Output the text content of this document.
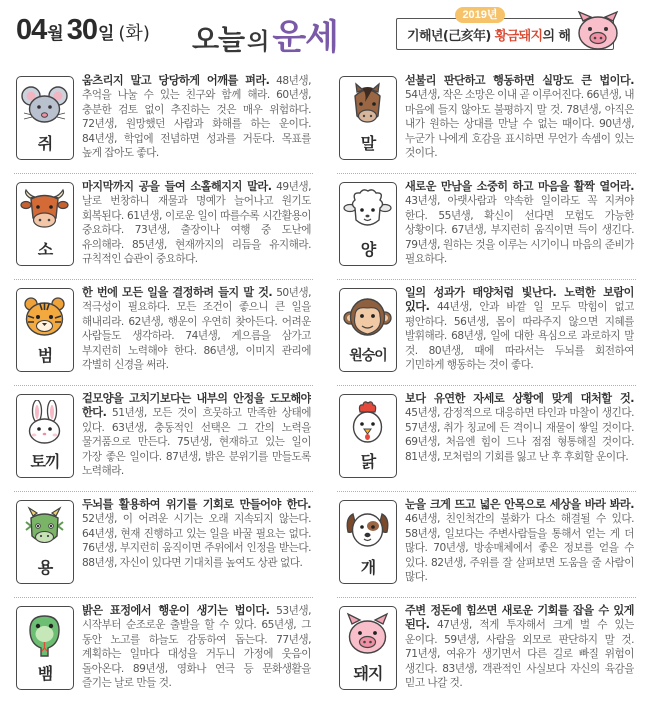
04 월 30 일 (화) 오늘 의 운세	기해년(己亥年) 황금돼지의 해
2019년
쥐
움츠리지 말고 당당하게 어깨를 펴라. 48년생, 추억을 나눌 수 있는 친구와 함께 해라. 60년생, 충분한 검토 없이 추진하는 것은 매우 위험하다. 72년생, 원망했던 사람과 화해를 하는 운이다. 84년생, 학업에 전념하면 성과를 거둔다. 목표를 높게 잡아도 좋다.
말
섣불리 판단하고 행동하면 실망도 큰 법이다. 54년생, 작은 소망은 이내 곧 이루어진다. 66년생, 내 마음에 들지 않아도 불평하지 말 것. 78년생, 아직은 내가 원하는 상대를 만날 수 없는 때이다. 90년생, 누군가 나에게 호감을 표시하면 무언가 속셈이 있는 것이다.
소
마지막까지 공을 들여 소홀해지지 말라. 49년생, 날로 번창하니 재물과 명예가 늘어나고 원기도 회복된다. 61년생, 이로운 일이 따를수록 시간활용이 중요하다. 73년생, 출장이나 여행 중 도난에 유의해라. 85년생, 현재까지의 리듬을 유지해라. 규칙적인 습관이 중요하다.
양
새로운 만남을 소중히 하고 마음을 활짝 열어라. 43년생, 아랫사람과 약속한 일이라도 꼭 지켜야 한다. 55년생, 확신이 선다면 모험도 가능한 상황이다. 67년생, 부지런히 움직이면 득이 생긴다. 79년생, 원하는 것을 이루는 시기이니 마음의 준비가 필요하다.
범
한 번에 모든 일을 결정하려 들지 말 것. 50년생, 적극성이 필요하다. 모든 조건이 좋으니 큰 일을 해내리라. 62년생, 행운이 우연히 찾아든다. 어려운 사람들도 생각하라. 74년생, 게으름을 삼가고 부지런히 노력해야 한다. 86년생, 이미지 관리에 각별히 신경을 써라.
원숭이
일의 성과가 태양처럼 빛난다. 노력한 보람이 있다. 44년생, 안과 바깥 일 모두 막힘이 없고 평안하다. 56년생, 몸이 따라주지 않으면 지혜를 발휘해라. 68년생, 일에 대한 욕심으로 과로하지 말 것. 80년생, 때에 따라서는 두뇌를 회전하여 기민하게 행동하는 것이 좋다.
토끼
겉모양을 고치기보다는 내부의 안정을 도모해야 한다. 51년생, 모든 것이 흐뭇하고 만족한 상태에 있다. 63년생, 충동적인 선택은 그 간의 노력을 물거품으로 만든다. 75년생, 현재하고 있는 일이 가장 좋은 일이다. 87년생, 밝은 분위기를 만들도록 노력해라.
닭
보다 유연한 자세로 상황에 맞게 대처할 것. 45년생, 감정적으로 대응하면 타인과 마찰이 생긴다. 57년생, 취가 칭교에 든 격이니 재물이 쌓일 것이다. 69년생, 처음엔 힘이 드나 점점 형통해질 것이다. 81년생, 모처럼의 기회를 잃고 난 후 후회할 운이다.
용
두뇌를 활용하여 위기를 기회로 만들어야 한다. 52년생, 이 어려운 시기는 오래 지속되지 않는다. 64년생, 현재 진행하고 있는 일을 바꿀 필요는 없다. 76년생, 부지런히 움직이면 주위에서 인정을 받는다. 88년생, 자신이 있다면 기대치를 높여도 상관 없다.	개
눈을 크게 뜨고 넓은 안목으로 세상을 바라 봐라. 46년생, 친인척간의 불화가 다소 해결될 수 있다. 58년생, 일보다는 주변사람들을 통해서 얻는 게 더 많다. 70년생, 방송매체에서 좋은 정보를 얻을 수 있다. 82년생, 주위를 잘 살펴보면 도움을 줄 사람이 많다.
뱀
밝은 표정에서 행운이 생기는 법이다. 53년생, 시작부터 순조로운 출발을 할 수 있다. 65년생, 그 동안 노고를 하늘도 감동하여 돕는다. 77년생, 계획하는 일마다 대성을 거두니 가정에 웃음이 돌아온다. 89년생, 영화나 연극 등 문화생활을 즐기는 날로 만들 것.
돼지
주변 정돈에 힘쓰면 새로운 기회를 잡을 수 있게 된다. 47년생, 적게 투자해서 크게 벌 수 있는 운이다. 59년생, 사람을 외모로 판단하지 말 것. 71년생, 여유가 생기면서 다른 길로 빠질 위험이 생긴다. 83년생, 객관적인 사실보다 자신의 육감을 믿고 나갈 것.
